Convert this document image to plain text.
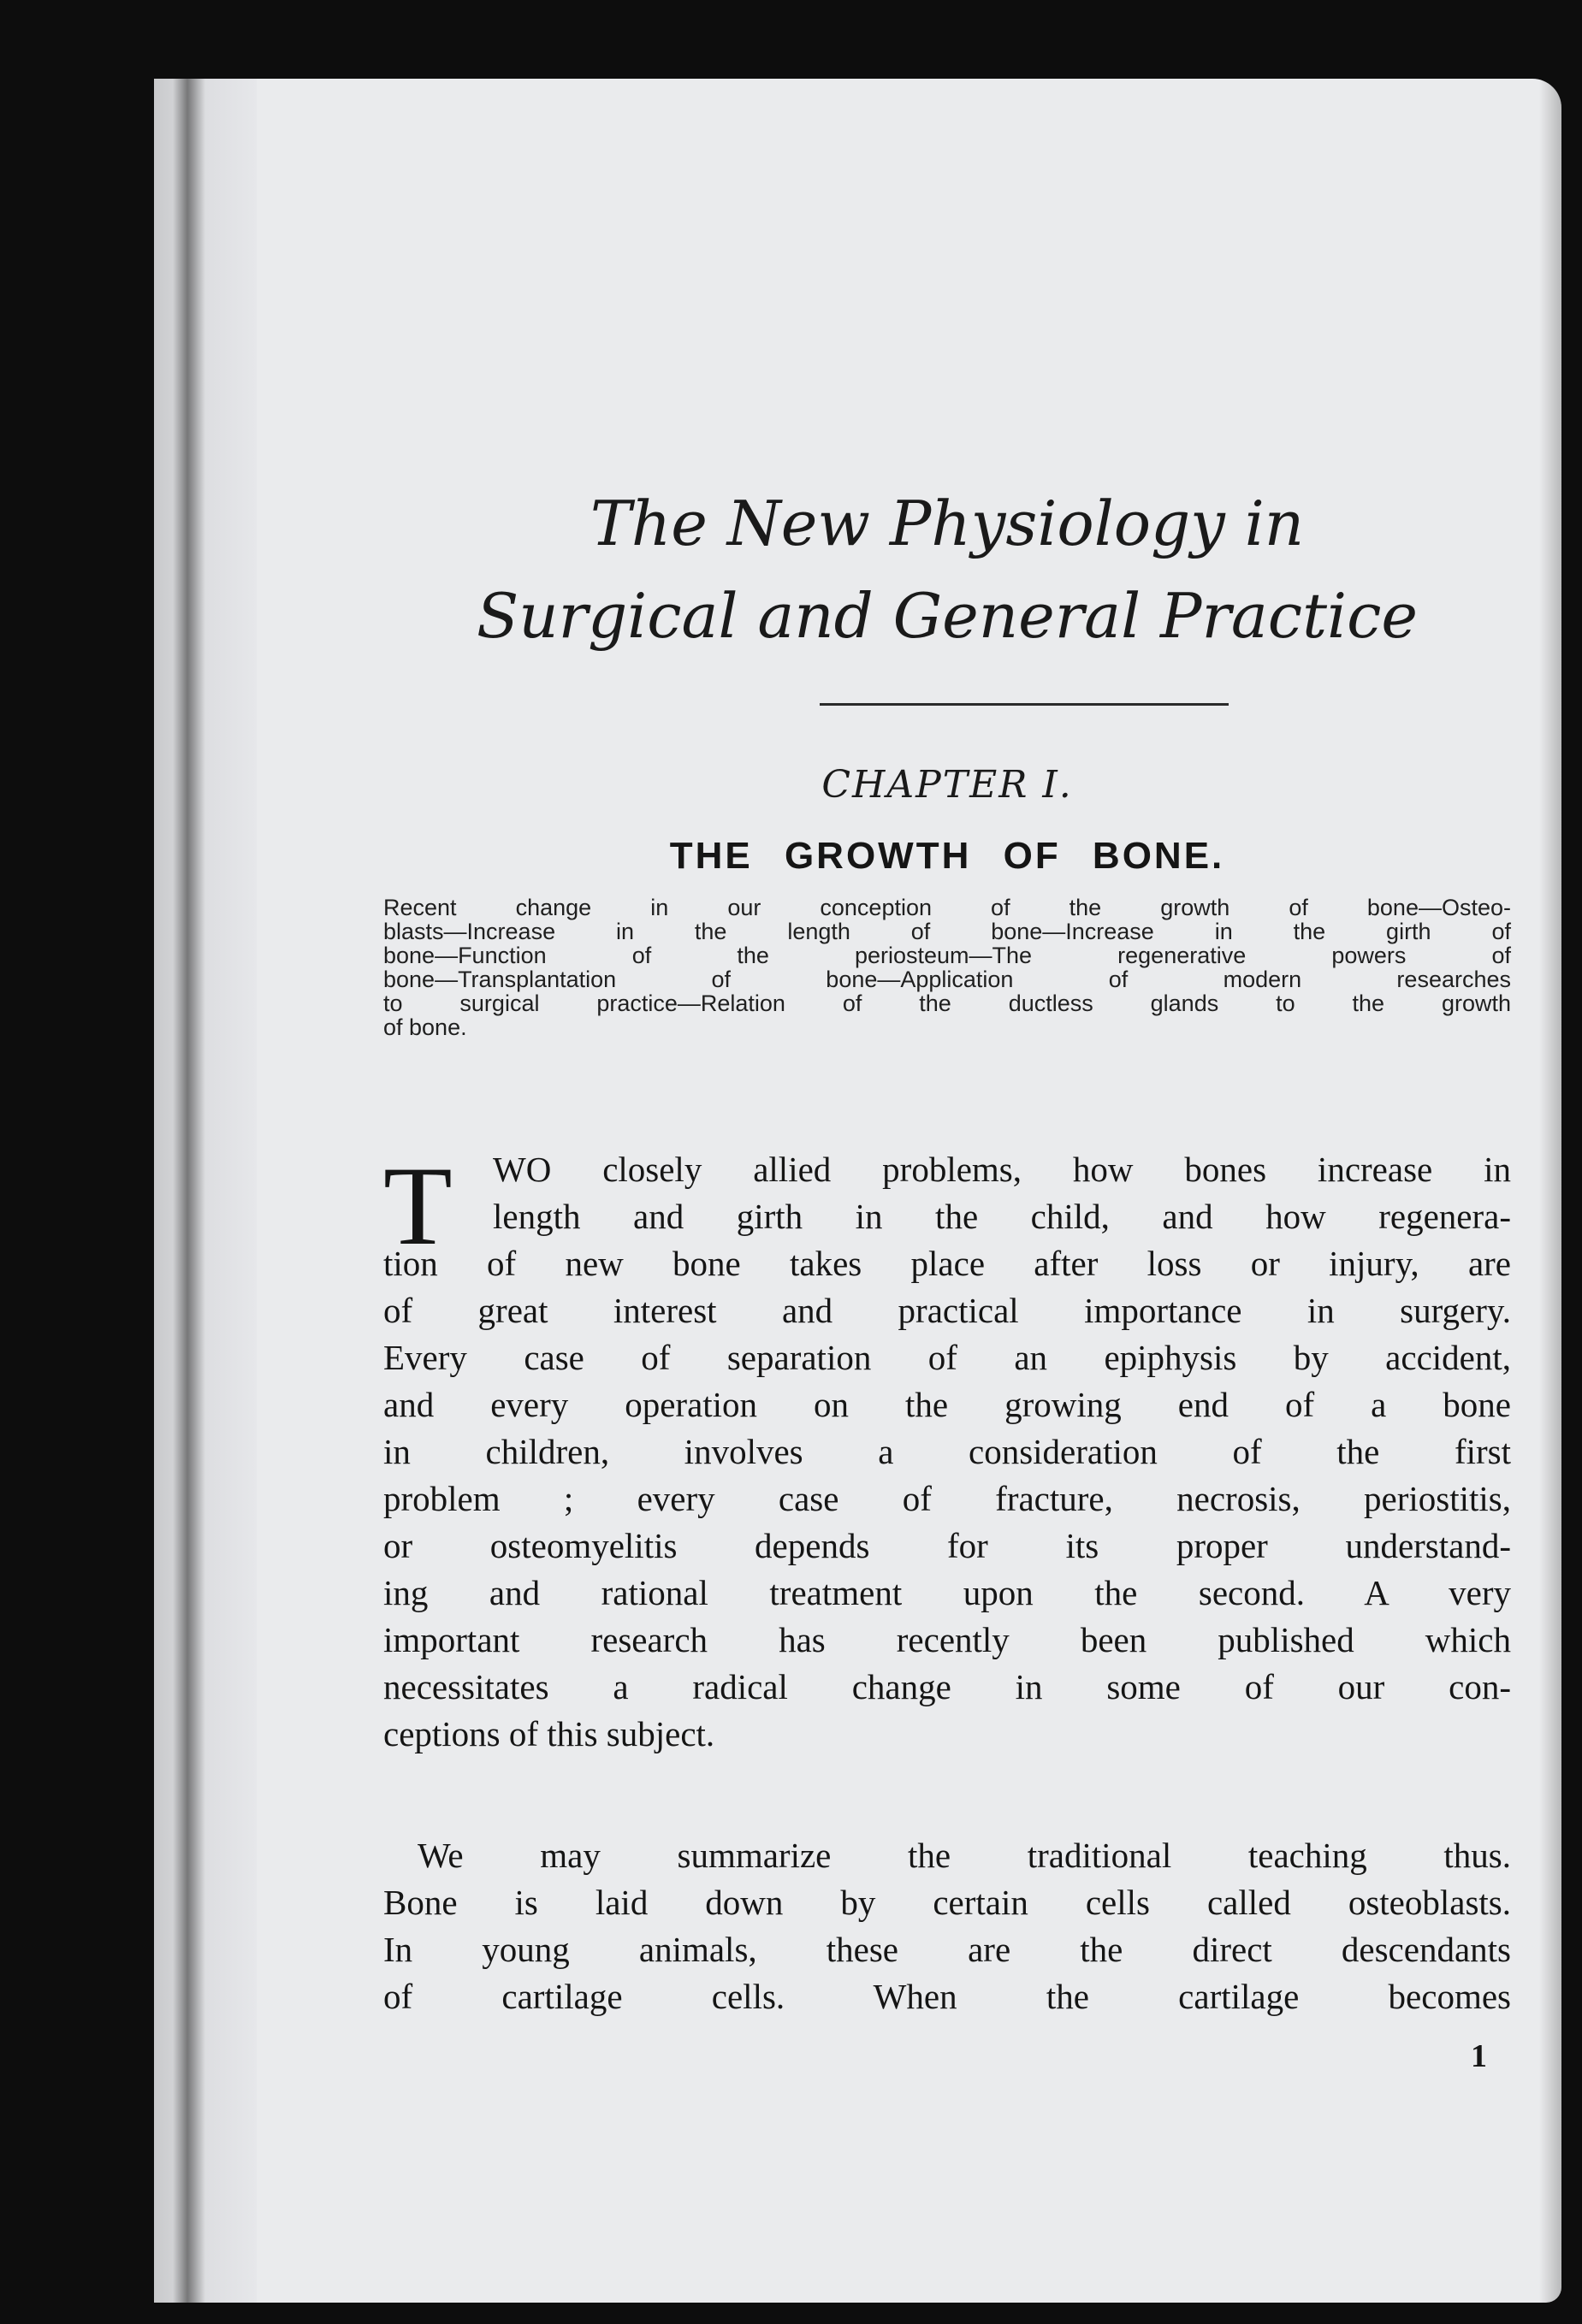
The New Physiology in
Surgical and General Practice
CHAPTER I.
THE GROWTH OF BONE.
Recent change in our conception of the growth of bone—Osteo-
blasts—Increase in the length of bone—Increase in the girth of
bone—Function of the periosteum—The regenerative powers of
bone—Transplantation of bone—Application of modern researches
to surgical practice—Relation of the ductless glands to the growth
of bone.
T	WO closely allied problems, how bones increase in
length and girth in the child, and how regenera-
tion of new bone takes place after loss or injury, are
of great interest and practical importance in surgery.
Every case of separation of an epiphysis by accident,
and every operation on the growing end of a bone
in children, involves a consideration of the first
problem ; every case of fracture, necrosis, periostitis,
or osteomyelitis depends for its proper understand-
ing and rational treatment upon the second. A very
important research has recently been published which
necessitates a radical change in some of our con-
ceptions of this subject.
We may summarize the traditional teaching thus.
Bone is laid down by certain cells called osteoblasts.
In young animals, these are the direct descendants
of cartilage cells. When the cartilage becomes
1
